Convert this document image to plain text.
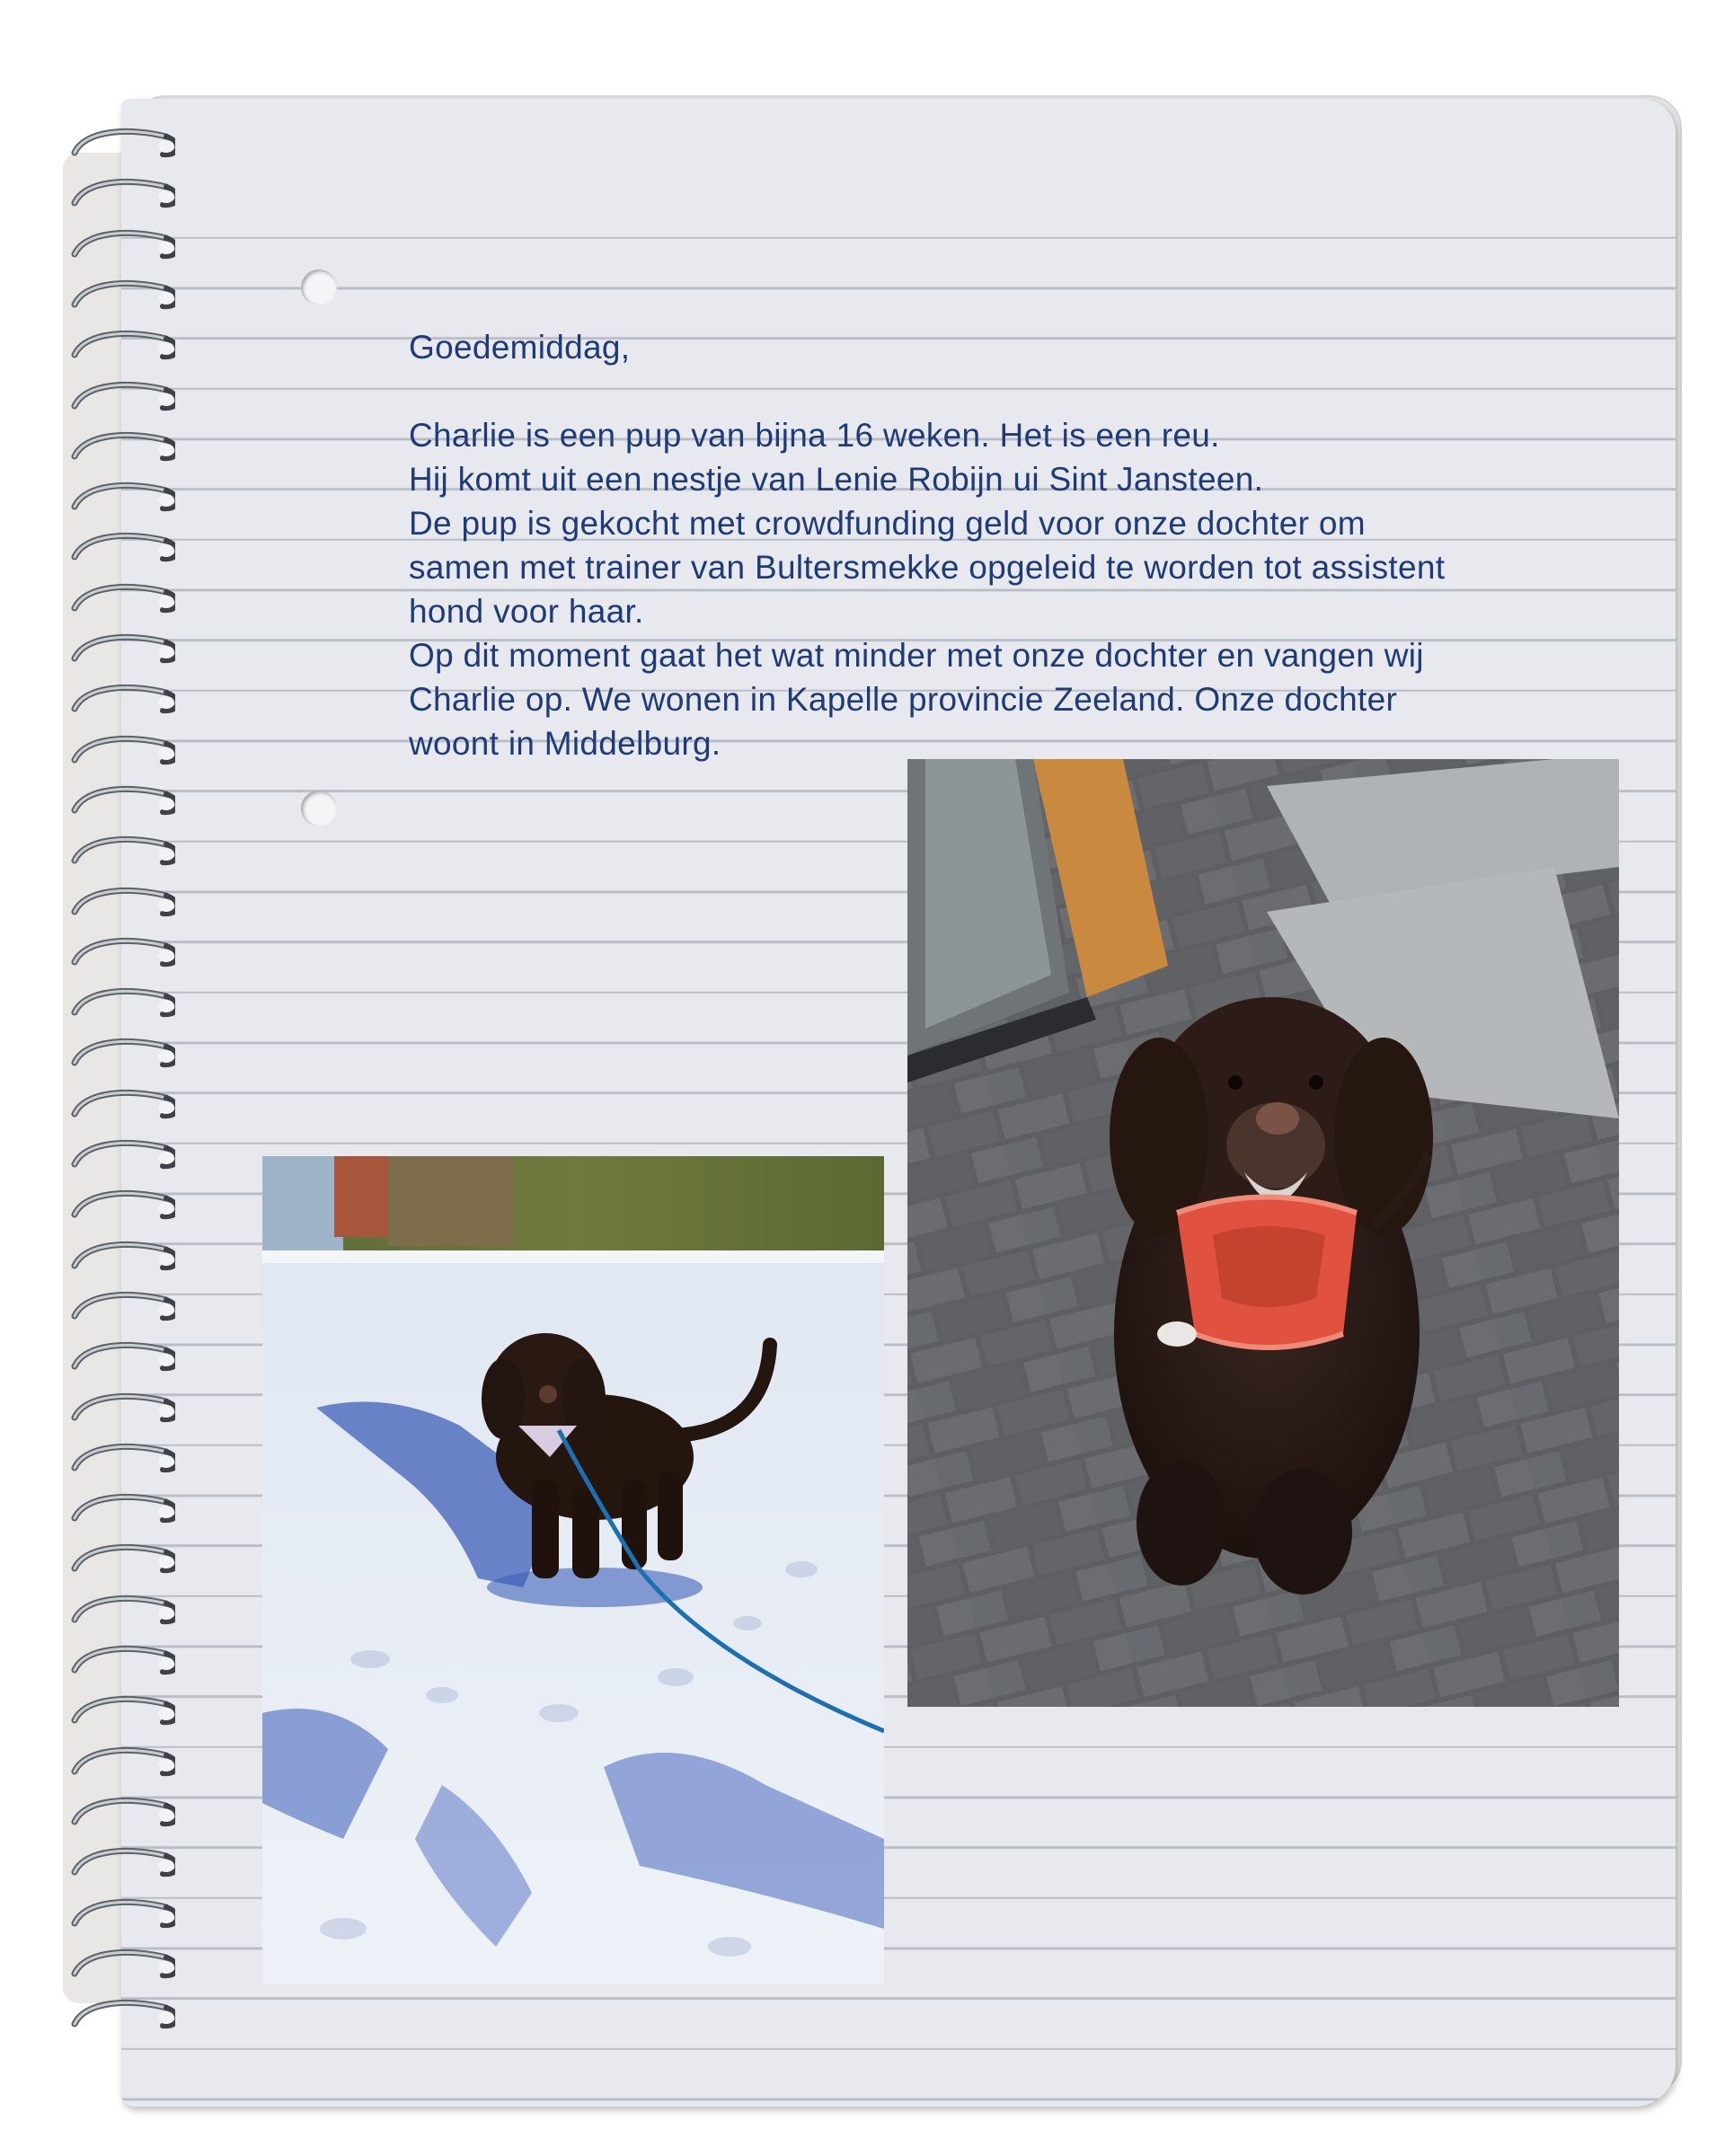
Goedemiddag,

Charlie is een pup van bijna 16 weken. Het is een reu.

Hij komt uit een nestje van Lenie Robijn ui Sint Jansteen.

De pup is gekocht met crowdfunding geld voor onze dochter om

samen met trainer van Bultersmekke opgeleid te worden tot assistent

hond voor haar.

Op dit moment gaat het wat minder met onze dochter en vangen wij

Charlie op. We wonen in Kapelle provincie Zeeland. Onze dochter

woont in Middelburg.
